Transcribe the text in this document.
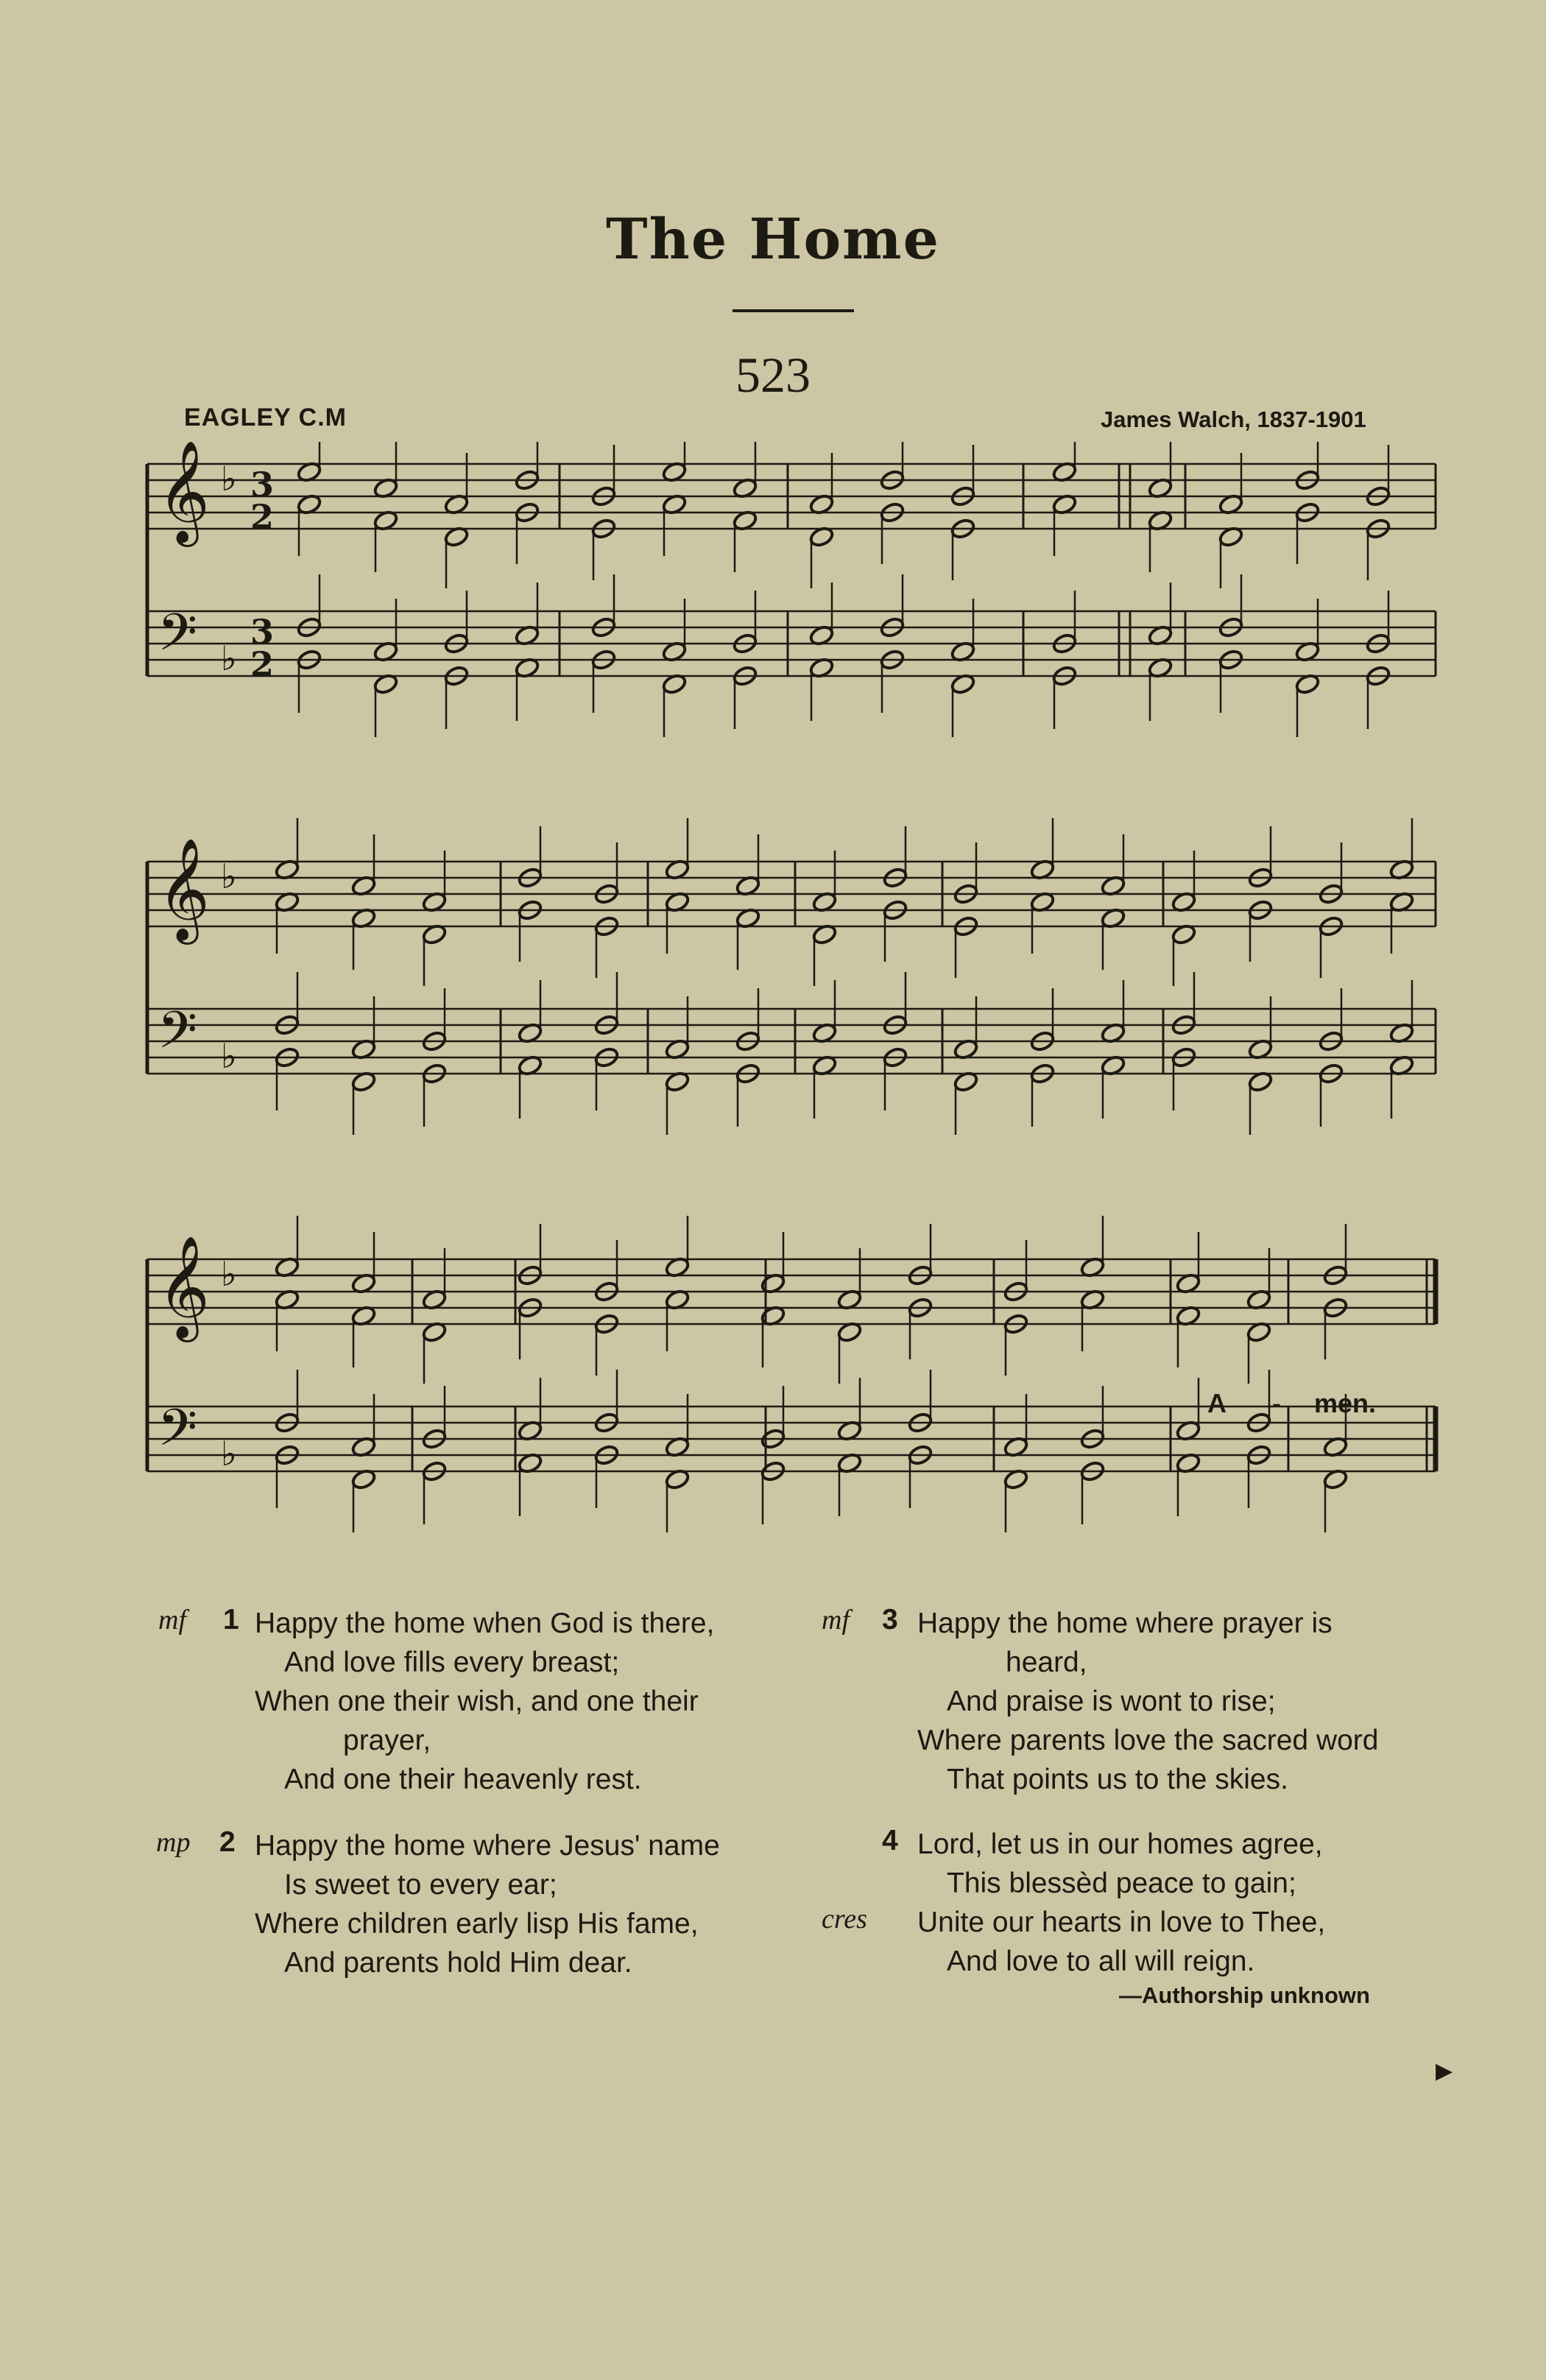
The Home
523
EAGLEY C.M	James Walch, 1837-1901
𝄞
𝄢
♭
♭
3
2
3
2
𝄞
𝄢
♭
♭
𝄞
𝄢
♭
♭
A - men.
mf 1 Happy the home when God is there,
And love fills every breast;
When one their wish, and one their
prayer,
And one their heavenly rest.
mp 2 Happy the home where Jesus' name
Is sweet to every ear;
Where children early lisp His fame,
And parents hold Him dear.
mf 3 Happy the home where prayer is
heard,
And praise is wont to rise;
Where parents love the sacred word
That points us to the skies.
4
cres
Lord, let us in our homes agree,
This blessèd peace to gain;
Unite our hearts in love to Thee,
And love to all will reign.
—Authorship unknown
▶
